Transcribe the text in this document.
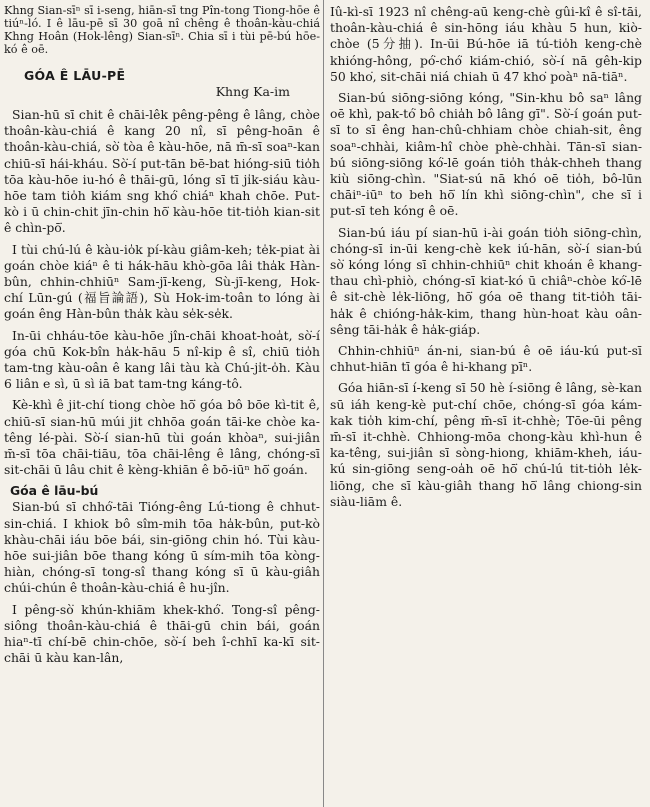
Khng Sian-sīⁿ sī i-seng, hiān-sī tng Pîn-tong Tiong-hōe ê tiúⁿ-ló. I ê lāu-pē sī 30 goā nî chêng ê thoân-kàu-chiá Khng Hoân (Hok-lêng) Sian-sīⁿ. Chia sī i tùi pē-bú hōe-kó ê oē.

GÓA Ê LĀU-PĒ
Khng Ka-im

Sian-hū sī chit ê chāi-lêk pêng-pêng ê lâng, chòe thoân-kàu-chiá ê kang 20 nî, sī pêng-hoān ê thoân-kàu-chiá, sò͘ tòa ê kàu-hōe, nā m̄-sī soaⁿ-kan chiū-sī hái-kháu. Sò͘-í put-tān bē-bat hióng-siū tio̍h tōa kàu-hōe iu-hó ê thāi-gū, lóng sī tī ji̍k-siáu kàu-hōe tam tio̍h kiám sng khó͘ chiáⁿ khah chōe. Put-kò i ū chin-chit jīn-chin hō͘ kàu-hōe tit-tio̍h kian-sit ê chìn-pō͘.

I tùi chú-lú ê kàu-io̍k pí-kàu giâm-keh; te̍k-piat ài goán chòe kiáⁿ ê ti hák-hāu khò-gōa lâi tha̍k Hàn-bûn, chhin-chhiūⁿ Sam-jī-keng, Sù-jī-keng, Hok-chí Lūn-gú (福旨論語), Sù Hok-im-toân to lóng ài goán êng Hàn-bûn tha̍k kàu se̍k-se̍k.

In-ūi chháu-tōe kàu-hōe jîn-chāi khoat-hoa̍t, sò͘-í góa chū Kok-bîn ha̍k-hāu 5 nî-kip ê sî, chiū tio̍h tam-tng kàu-oân ê kang lâi tàu kà Chú-ji̍t-o̍h. Kàu 6 liân e sì, ū sì iā bat tam-tng káng-tô.

Kè-khì ê jit-chí tiong chòe hō͘ góa bô bōe kì-tit ê, chiū-sī sian-hū múi jit chhōa goán tāi-ke chòe ka-têng lé-pài. Sò͘-í sian-hū tùi goán khòaⁿ, sui-jiân m̄-sī tōa chāi-tiāu, tōa chāi-lêng ê lâng, chóng-sī sit-chāi ū lâu chit ê kèng-khiān ê bō-iūⁿ hō͘ goán.

Góa ê lāu-bú

Sian-bú sī chhó͘-tāi Tióng-êng Lú-tiong ê chhut-sin-chiá. I khiok bô sîm-mih tōa ha̍k-bûn, put-kò khàu-chāi iáu bōe bái, sin-giōng chin hó. Tùi kàu-hōe sui-jiân bōe thang kóng ū sím-mih tōa kòng-hiàn, chóng-sī tong-sî thang kóng sī ū kàu-giâh chúi-chún ê thoân-kàu-chiá ê hu-jîn.

I pêng-sò͘ khún-khiām khek-khó͘. Tong-sî pêng-siông thoân-kàu-chiá ê thāi-gū chin bái, goán hiaⁿ-tī chí-bē chin-chōe, sò͘-í beh î-chhī ka-kī sit-chāi ū kàu kan-lân,

Iû-kì-sī 1923 nî chêng-aū keng-chè gûi-kî ê sî-tāi, thoân-kàu-chiá ê sin-hōng iáu khàu 5 hun, kiò-chòe (5分抽). In-ūi Bú-hōe iā tú-tio̍h keng-chè khióng-hông, pó͘-chó͘ kiám-chió, sò͘-í nā gêh-kip 50 kho͘, sit-chāi niá chiah ū 47 kho͘ poàⁿ nā-tiāⁿ.

Sian-bú siōng-siōng kóng, "Sin-khu bô saⁿ lâng oē khì, pak-tó͘ bô chia̍h bô lâng gī". Sò͘-í goán put-sī to sī êng han-chû-chhiam chòe chiah-sit, êng soaⁿ-chhài, kiâm-hî chòe phè-chhài. Tān-sī sian-bú siōng-siōng kó͘-lē goán tio̍h tha̍k-chheh thang kiù siōng-chìn. "Siat-sú nā khó oē tio̍h, bô-lūn chāiⁿ-iūⁿ to beh hō͘ lín khì siōng-chìn", che sī i put-sī teh kóng ê oē.

Sian-bú iáu pí sian-hū i-ài goán tio̍h siōng-chìn, chóng-sī in-ūi keng-chè kek iú-hān, sò͘-í sian-bú sò͘ kóng lóng sī chhin-chhiūⁿ chit khoán ê khang-thau chì-phiò, chóng-sī kiat-kó ū chiâⁿ-chòe kó͘-lē ê sit-chè le̍k-liōng, hō͘ góa oē thang tit-tio̍h tāi-ha̍k ê chióng-ha̍k-kim, thang hùn-hoat kàu oân-sêng tāi-ha̍k ê ha̍k-giáp.

Chhin-chhiūⁿ án-ni, sian-bú ê oē iáu-kú put-sī chhut-hiān tī góa ê hi-khang pīⁿ.

Góa hiān-sī í-keng sī 50 hè í-siōng ê lâng, sè-kan sū iáh keng-kè put-chí chōe, chóng-sī góa kám-kak tio̍h kim-chí, pêng m̄-sī it-chhè; Tōe-ūi pêng m̄-sī it-chhè. Chhiong-mōa chong-kàu khì-hun ê ka-têng, sui-jiân sī sòng-hiong, khiām-kheh, iáu-kú sin-giōng seng-oa̍h oē hō͘ chú-lú tit-tio̍h le̍k-liōng, che sī kàu-giâh thang hō͘ lâng chiong-sin siàu-liām ê.
